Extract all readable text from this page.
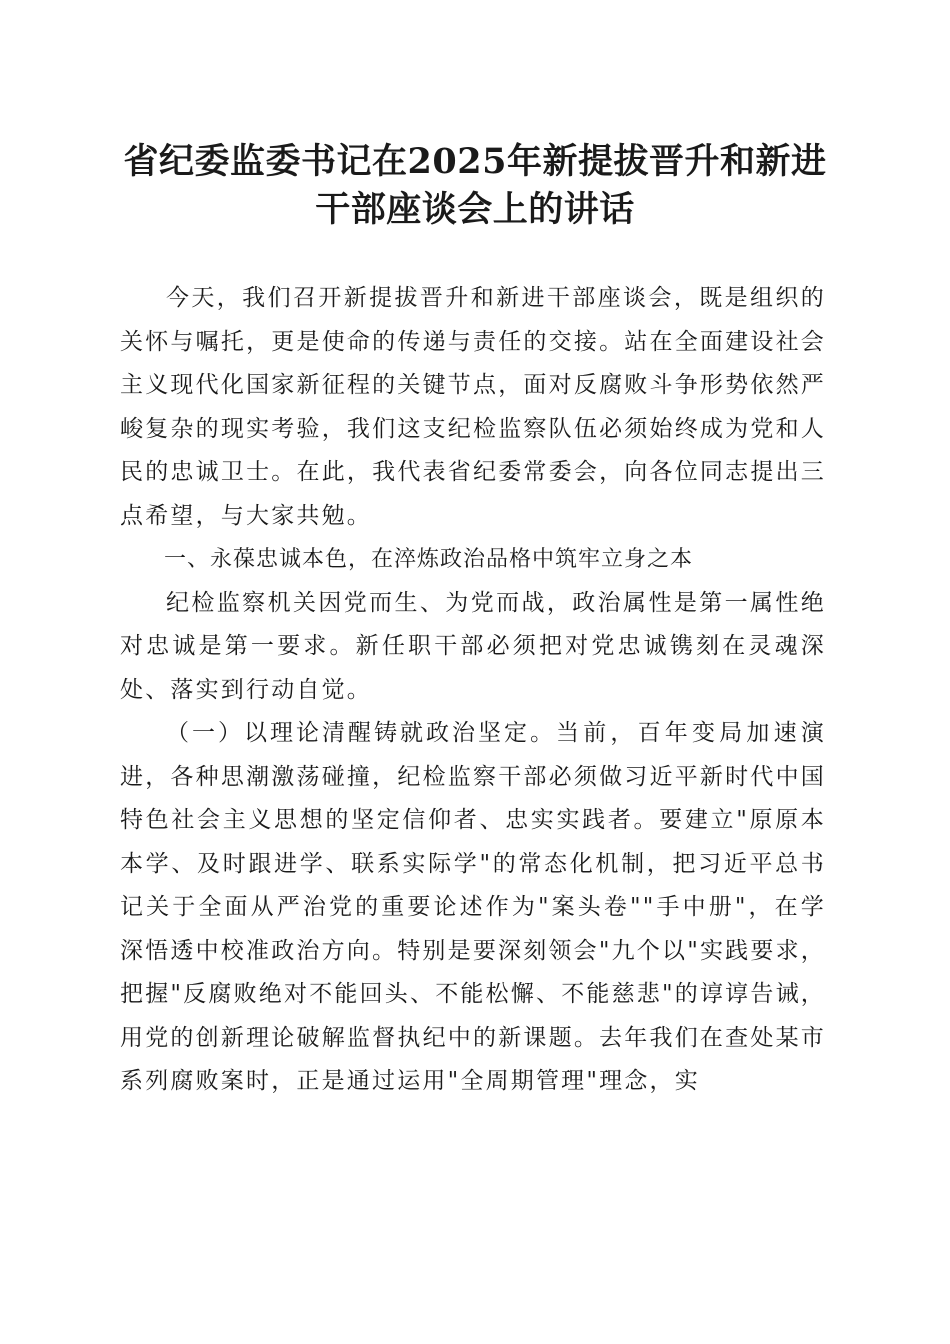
省纪委监委书记在2025年新提拔晋升和新进
干部座谈会上的讲话

今天，我们召开新提拔晋升和新进干部座谈会，既是组织的关怀与嘱托，更是使命的传递与责任的交接。站在全面建设社会主义现代化国家新征程的关键节点，面对反腐败斗争形势依然严峻复杂的现实考验，我们这支纪检监察队伍必须始终成为党和人民的忠诚卫士。在此，我代表省纪委常委会，向各位同志提出三点希望，与大家共勉。

一、永葆忠诚本色，在淬炼政治品格中筑牢立身之本

纪检监察机关因党而生、为党而战，政治属性是第一属性绝对忠诚是第一要求。新任职干部必须把对党忠诚镌刻在灵魂深处、落实到行动自觉。

（一）以理论清醒铸就政治坚定。当前，百年变局加速演进，各种思潮激荡碰撞，纪检监察干部必须做习近平新时代中国特色社会主义思想的坚定信仰者、忠实实践者。要建立"原原本本学、及时跟进学、联系实际学"的常态化机制，把习近平总书记关于全面从严治党的重要论述作为"案头卷""手中册"，在学深悟透中校准政治方向。特别是要深刻领会"九个以"实践要求，把握"反腐败绝对不能回头、不能松懈、不能慈悲"的谆谆告诫，用党的创新理论破解监督执纪中的新课题。去年我们在查处某市系列腐败案时，正是通过运用"全周期管理"理念，实
